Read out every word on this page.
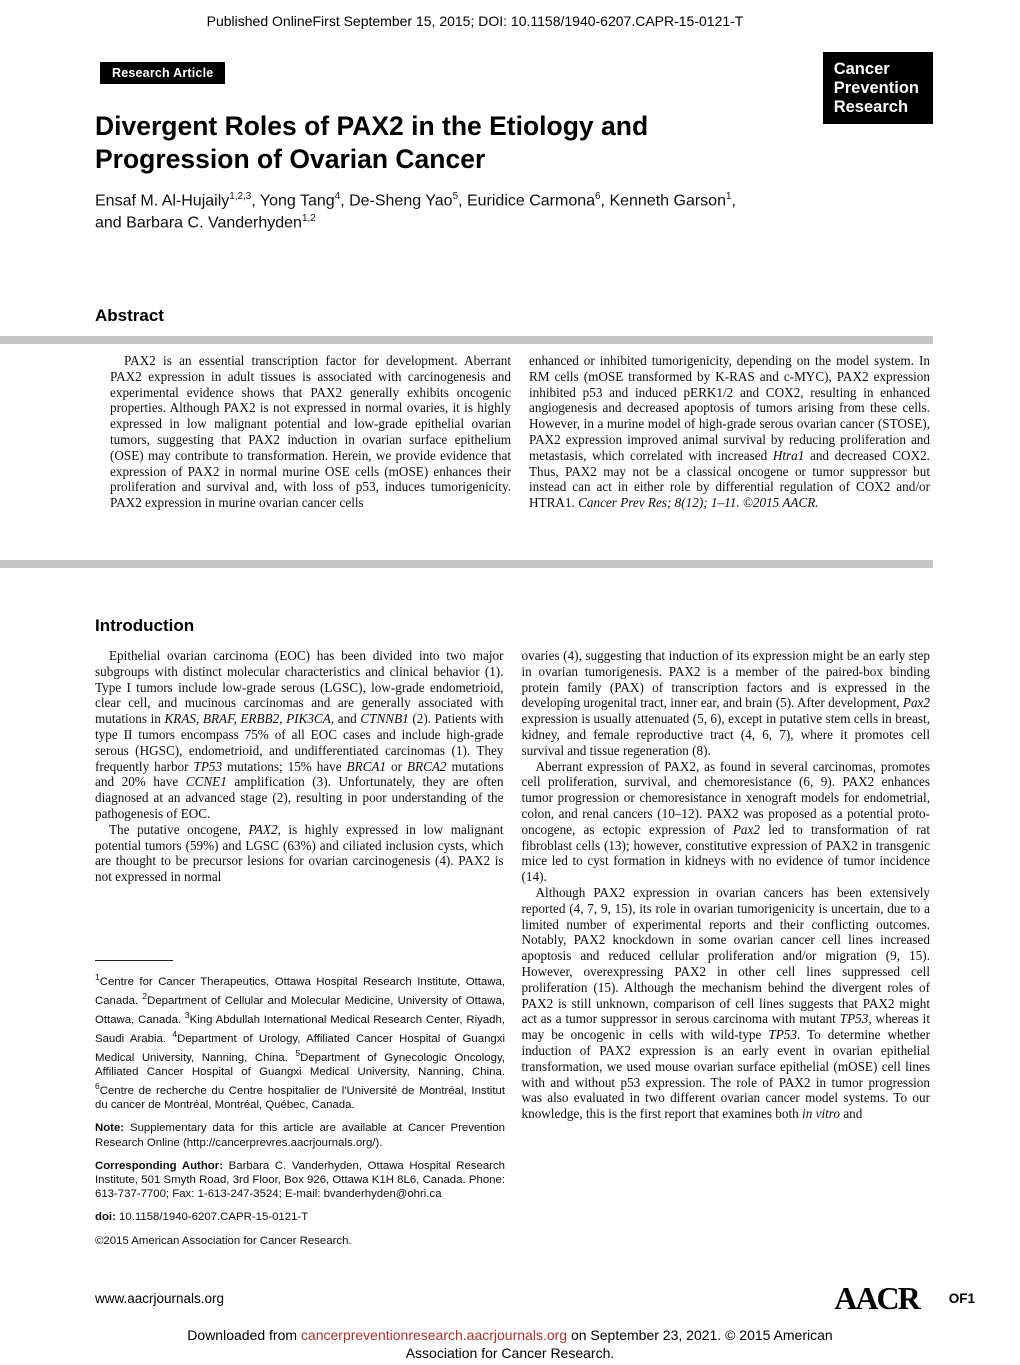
Published OnlineFirst September 15, 2015; DOI: 10.1158/1940-6207.CAPR-15-0121-T
Research Article	Cancer
Prevention
Research
Divergent Roles of PAX2 in the Etiology and Progression of Ovarian Cancer
Ensaf M. Al-Hujaily$^{1,2,3}$, Yong Tang$^4$, De-Sheng Yao$^5$, Euridice Carmona$^6$, Kenneth Garson$^1$,
and Barbara C. Vanderhyden$^{1,2}$
Abstract

PAX2 is an essential transcription factor for development. Aberrant PAX2 expression in adult tissues is associated with carcinogenesis and experimental evidence shows that PAX2 generally exhibits oncogenic properties. Although PAX2 is not expressed in normal ovaries, it is highly expressed in low malignant potential and low-grade epithelial ovarian tumors, suggesting that PAX2 induction in ovarian surface epithelium (OSE) may contribute to transformation. Herein, we provide evidence that expression of PAX2 in normal murine OSE cells (mOSE) enhances their proliferation and survival and, with loss of p53, induces tumorigenicity. PAX2 expression in murine ovarian cancer cells

enhanced or inhibited tumorigenicity, depending on the model system. In RM cells (mOSE transformed by K-RAS and c-MYC), PAX2 expression inhibited p53 and induced pERK1/2 and COX2, resulting in enhanced angiogenesis and decreased apoptosis of tumors arising from these cells. However, in a murine model of high-grade serous ovarian cancer (STOSE), PAX2 expression improved animal survival by reducing proliferation and metastasis, which correlated with increased Htra1 and decreased COX2. Thus, PAX2 may not be a classical oncogene or tumor suppressor but instead can act in either role by differential regulation of COX2 and/or HTRA1. Cancer Prev Res; 8(12); 1–11. ©2015 AACR.

Introduction

Epithelial ovarian carcinoma (EOC) has been divided into two major subgroups with distinct molecular characteristics and clinical behavior (1). Type I tumors include low-grade serous (LGSC), low-grade endometrioid, clear cell, and mucinous carcinomas and are generally associated with mutations in KRAS, BRAF, ERBB2, PIK3CA, and CTNNB1 (2). Patients with type II tumors encompass 75% of all EOC cases and include high-grade serous (HGSC), endometrioid, and undifferentiated carcinomas (1). They frequently harbor TP53 mutations; 15% have BRCA1 or BRCA2 mutations and 20% have CCNE1 amplification (3). Unfortunately, they are often diagnosed at an advanced stage (2), resulting in poor understanding of the pathogenesis of EOC.

The putative oncogene, PAX2, is highly expressed in low malignant potential tumors (59%) and LGSC (63%) and ciliated inclusion cysts, which are thought to be precursor lesions for ovarian carcinogenesis (4). PAX2 is not expressed in normal

ovaries (4), suggesting that induction of its expression might be an early step in ovarian tumorigenesis. PAX2 is a member of the paired-box binding protein family (PAX) of transcription factors and is expressed in the developing urogenital tract, inner ear, and brain (5). After development, Pax2 expression is usually attenuated (5, 6), except in putative stem cells in breast, kidney, and female reproductive tract (4, 6, 7), where it promotes cell survival and tissue regeneration (8).

Aberrant expression of PAX2, as found in several carcinomas, promotes cell proliferation, survival, and chemoresistance (6, 9). PAX2 enhances tumor progression or chemoresistance in xenograft models for endometrial, colon, and renal cancers (10–12). PAX2 was proposed as a potential proto-oncogene, as ectopic expression of Pax2 led to transformation of rat fibroblast cells (13); however, constitutive expression of PAX2 in transgenic mice led to cyst formation in kidneys with no evidence of tumor incidence (14).

Although PAX2 expression in ovarian cancers has been extensively reported (4, 7, 9, 15), its role in ovarian tumorigenicity is uncertain, due to a limited number of experimental reports and their conflicting outcomes. Notably, PAX2 knockdown in some ovarian cancer cell lines increased apoptosis and reduced cellular proliferation and/or migration (9, 15). However, overexpressing PAX2 in other cell lines suppressed cell proliferation (15). Although the mechanism behind the divergent roles of PAX2 is still unknown, comparison of cell lines suggests that PAX2 might act as a tumor suppressor in serous carcinoma with mutant TP53, whereas it may be oncogenic in cells with wild-type TP53. To determine whether induction of PAX2 expression is an early event in ovarian epithelial transformation, we used mouse ovarian surface epithelial (mOSE) cell lines with and without p53 expression. The role of PAX2 in tumor progression was also evaluated in two different ovarian cancer model systems. To our knowledge, this is the first report that examines both in vitro and

$^1$Centre for Cancer Therapeutics, Ottawa Hospital Research Institute, Ottawa, Canada. $^2$Department of Cellular and Molecular Medicine, University of Ottawa, Ottawa, Canada. $^3$King Abdullah International Medical Research Center, Riyadh, Saudi Arabia. $^4$Department of Urology, Affiliated Cancer Hospital of Guangxi Medical University, Nanning, China. $^5$Department of Gynecologic Oncology, Affiliated Cancer Hospital of Guangxi Medical University, Nanning, China. $^6$Centre de recherche du Centre hospitalier de l'Université de Montréal, Institut du cancer de Montréal, Montréal, Québec, Canada.

Note: Supplementary data for this article are available at Cancer Prevention Research Online (http://cancerprevres.aacrjournals.org/).

Corresponding Author: Barbara C. Vanderhyden, Ottawa Hospital Research Institute, 501 Smyth Road, 3rd Floor, Box 926, Ottawa K1H 8L6, Canada. Phone: 613-737-7700; Fax: 1-613-247-3524; E-mail: bvanderhyden@ohri.ca

doi: 10.1158/1940-6207.CAPR-15-0121-T

©2015 American Association for Cancer Research.

www.aacrjournals.org	AACR OF1
Downloaded from cancerpreventionresearch.aacrjournals.org on September 23, 2021. © 2015 American
Association for Cancer Research.
